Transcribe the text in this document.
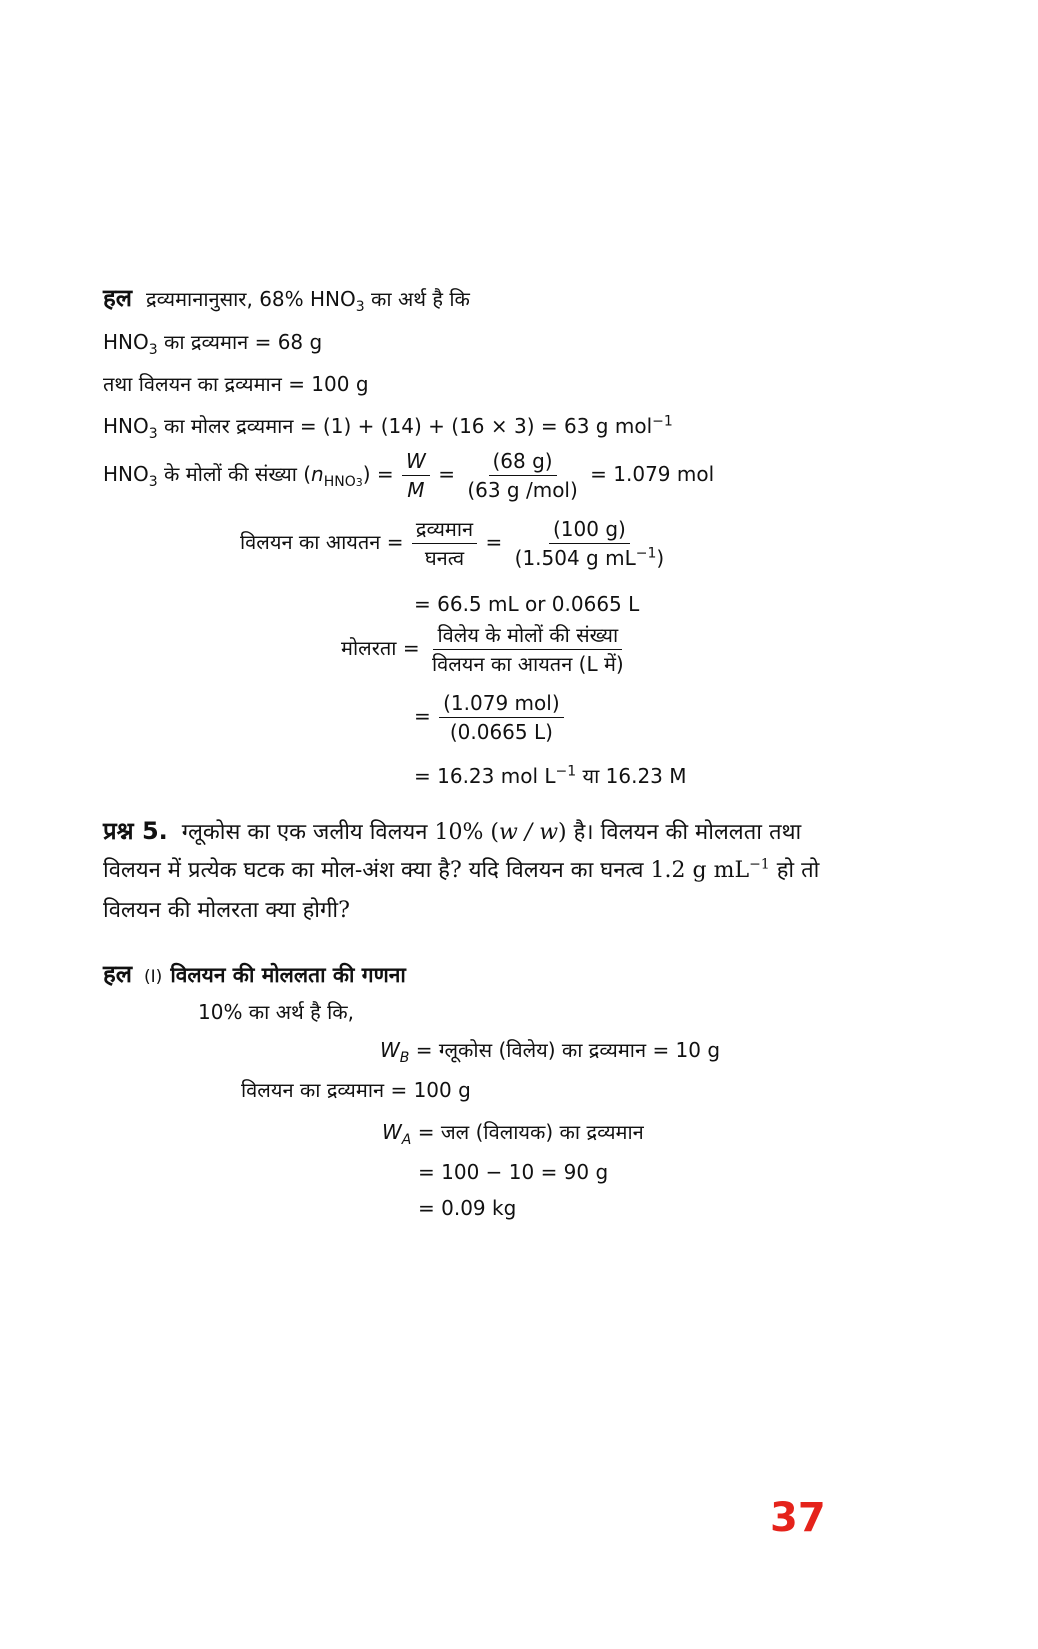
हल द्रव्यमानानुसार, 68% $HNO_3$ का अर्थ है कि
$HNO_3$ का द्रव्यमान = 68 g
तथा विलयन का द्रव्यमान = 100 g
$HNO_3$ का मोलर द्रव्यमान = (1) + (14) + (16 × 3) = 63 g mol$^{-1}$
$HNO_3$ के मोलों की संख्या $(n_{HNO3}) = \frac{W}{M} = \frac{(68 g)}{\text{(63 g /mol)}} = 1.079$ mol
विलयन का आयतन = $\frac{\text{द्रव्यमान}}{\text{घनत्व}} = \frac{(100 g)}{(1.504 g mL^{-1})}$
= 66.5 mL or 0.0665 L
मोलरता = $\frac{\text{विलेय के मोलों की संख्या}}{\text{विलयन का आयतन (L में)}}$
= $\frac{\text{(1.079 mol)}}{(0.0665 L)}$
= 16.23 mol $L^{-1}$ या 16.23 M
प्रश्न 5. ग्लूकोस का एक जलीय विलयन 10% (w / w) है। विलयन की मोललता तथा
विलयन में प्रत्येक घटक का मोल-अंश क्या है? यदि विलयन का घनत्व 1.2 g $mL^{-1}$ हो तो
विलयन की मोलरता क्या होगी?
हल (I) विलयन की मोललता की गणना
10% का अर्थ है कि,
$W_B$ = ग्लूकोस (विलेय) का द्रव्यमान = 10 g
विलयन का द्रव्यमान = 100 g
$W_A$ = जल (विलायक) का द्रव्यमान
= 100 − 10 = 90 g
= 0.09 kg
37
